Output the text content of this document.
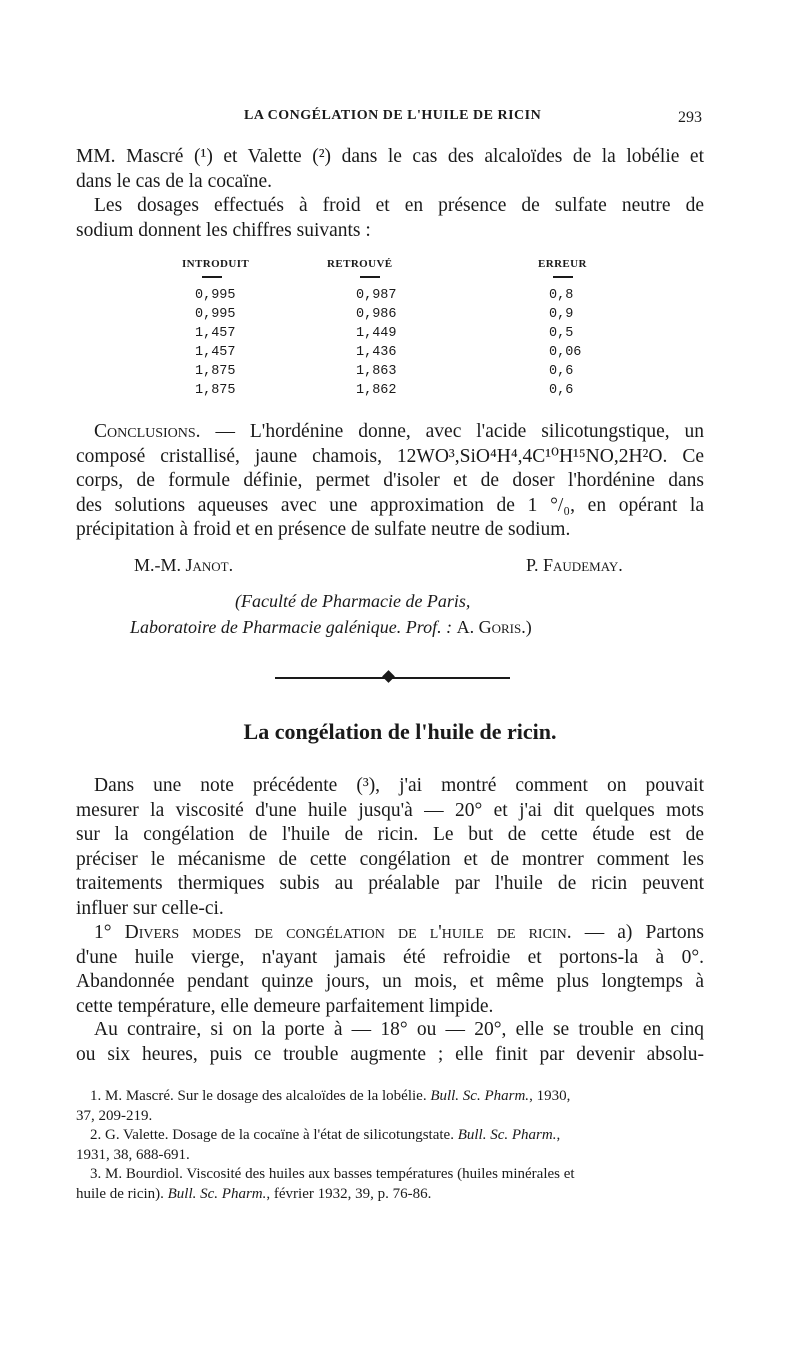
LA CONGÉLATION DE L'HUILE DE RICIN	293
MM. Mascré (¹) et Valette (²) dans le cas des alcaloïdes de la lobélie et
dans le cas de la cocaïne.
Les dosages effectués à froid et en présence de sulfate neutre de
sodium donnent les chiffres suivants :
INTRODUIT	RETROUVÉ	ERREUR
0,995	0,987	0,8
0,995	0,986	0,9
1,457	1,449	0,5
1,457	1,436	0,06
1,875	1,863	0,6
1,875	1,862	0,6
Conclusions. — L'hordénine donne, avec l'acide silicotungstique, un
composé cristallisé, jaune chamois, 12WO³,SiO⁴H⁴,4C¹⁰H¹⁵NO,2H²O. Ce
corps, de formule définie, permet d'isoler et de doser l'hordénine dans
des solutions aqueuses avec une approximation de 1 °/₀, en opérant la
précipitation à froid et en présence de sulfate neutre de sodium.
M.-M. Janot.	P. Faudemay.
(Faculté de Pharmacie de Paris,
Laboratoire de Pharmacie galénique. Prof. : A. Goris.)
La congélation de l'huile de ricin.
Dans une note précédente (³), j'ai montré comment on pouvait
mesurer la viscosité d'une huile jusqu'à — 20° et j'ai dit quelques mots
sur la congélation de l'huile de ricin. Le but de cette étude est de
préciser le mécanisme de cette congélation et de montrer comment les
traitements thermiques subis au préalable par l'huile de ricin peuvent
influer sur celle-ci.
1° Divers modes de congélation de l'huile de ricin. — a) Partons
d'une huile vierge, n'ayant jamais été refroidie et portons-la à 0°.
Abandonnée pendant quinze jours, un mois, et même plus longtemps à
cette température, elle demeure parfaitement limpide.
Au contraire, si on la porte à — 18° ou — 20°, elle se trouble en cinq
ou six heures, puis ce trouble augmente ; elle finit par devenir absolu-
1. M. Mascré. Sur le dosage des alcaloïdes de la lobélie. Bull. Sc. Pharm., 1930,
37, 209-219.
2. G. Valette. Dosage de la cocaïne à l'état de silicotungstate. Bull. Sc. Pharm.,
1931, 38, 688-691.
3. M. Bourdiol. Viscosité des huiles aux basses températures (huiles minérales et
huile de ricin). Bull. Sc. Pharm., février 1932, 39, p. 76-86.
